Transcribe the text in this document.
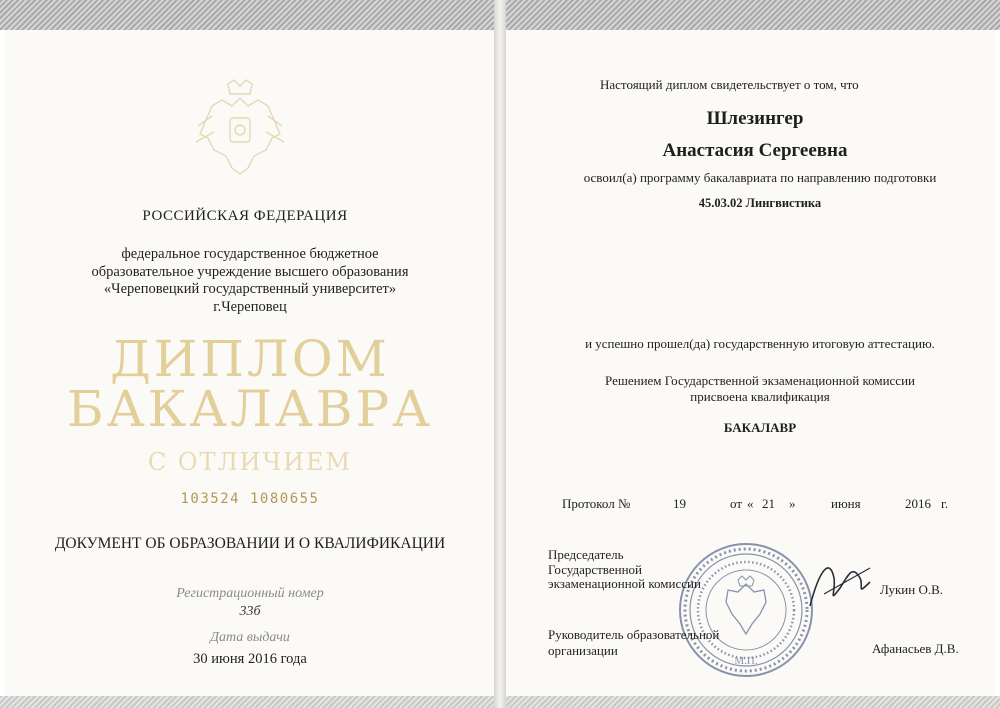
РОССИЙСКАЯ ФЕДЕРАЦИЯ
федеральное государственное бюджетное
образовательное учреждение высшего образования
«Череповецкий государственный университет»
г.Череповец
ДИПЛОМ
БАКАЛАВРА
С ОТЛИЧИЕМ
103524 1080655
ДОКУМЕНТ ОБ ОБРАЗОВАНИИ И О КВАЛИФИКАЦИИ
Регистрационный номер
33б
Дата выдачи
30 июня 2016 года
Настоящий диплом свидетельствует о том, что
Шлезингер
Анастасия Сергеевна
освоил(а) программу бакалавриата по направлению подготовки
45.03.02 Лингвистика
и успешно прошел(да) государственную итоговую аттестацию.
Решением Государственной экзаменационной комиссии
присвоена квалификация
БАКАЛАВР
Протокол №	19	от « 21 »	июня	2016 г.
М.П.
Председатель
Государственной
экзаменационной комиссии	Лукин О.В.
Руководитель образовательной
организации	Афанасьев Д.В.
